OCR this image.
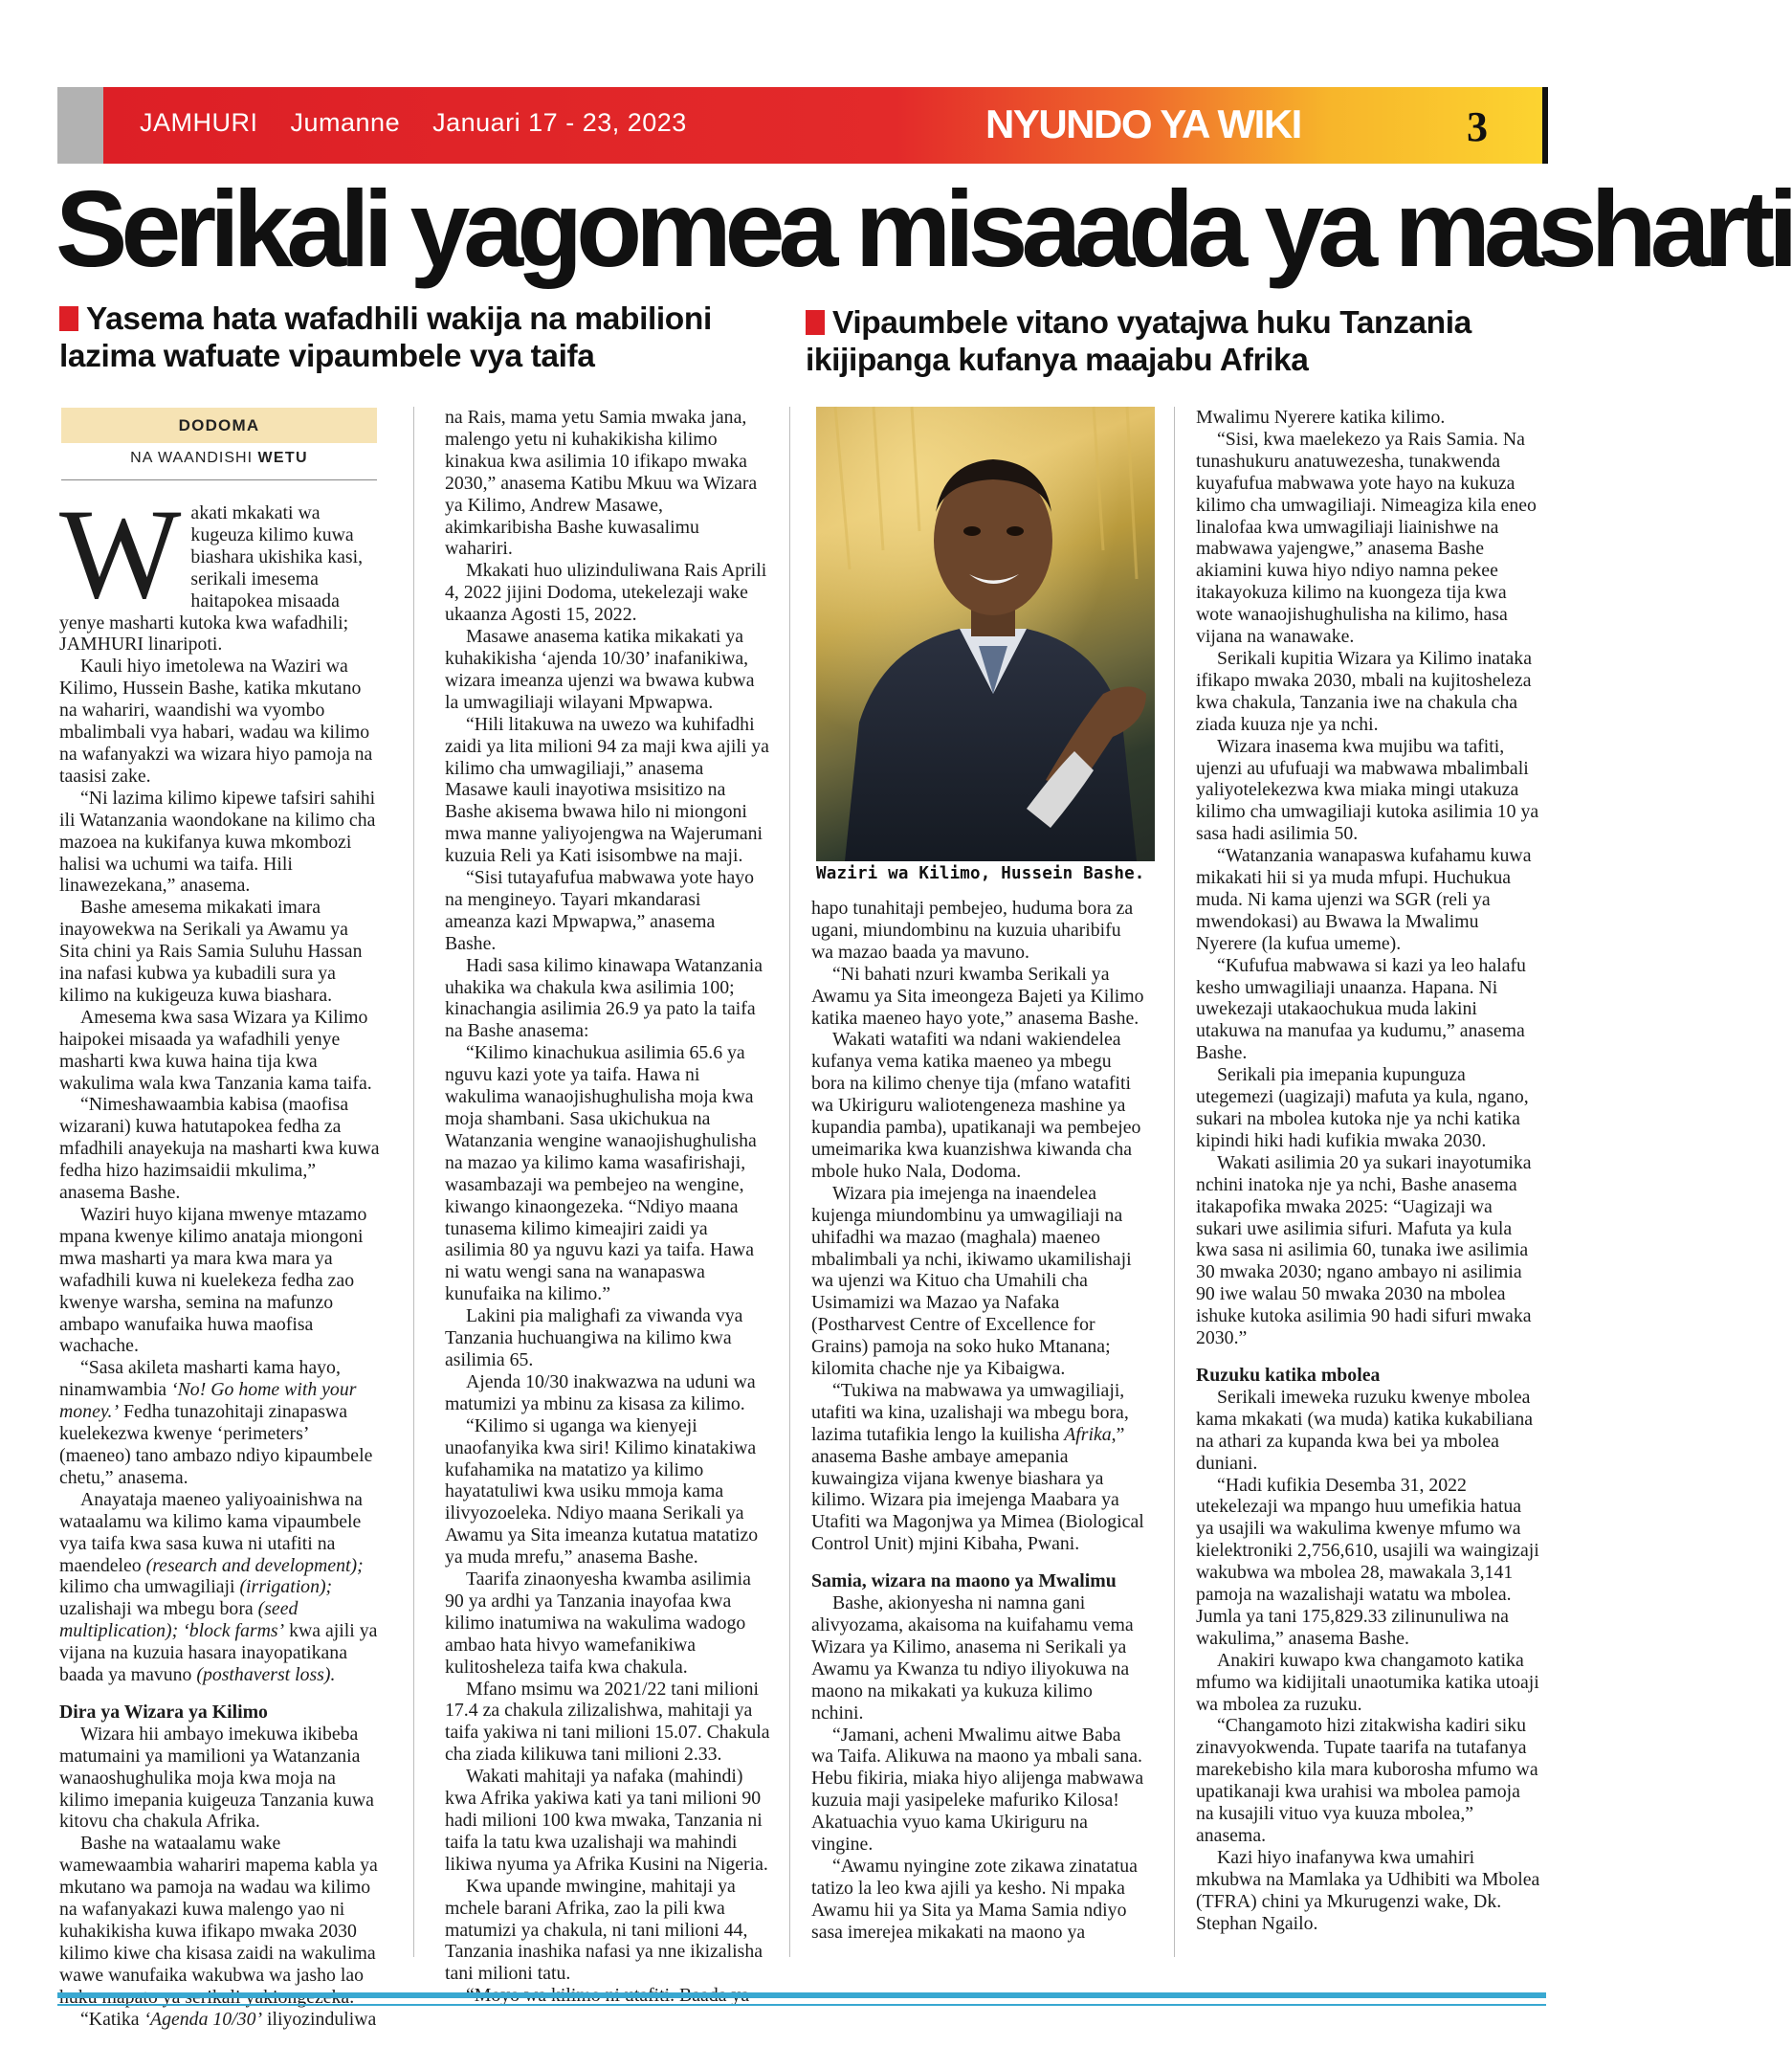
JAMHURI Jumanne Januari 17 - 23, 2023	NYUNDO YA WIKI	3
Serikali yagomea misaada ya masharti
Yasema hata wafadhili wakija na mabilioni lazima wafuate vipaumbele vya taifa
Vipaumbele vitano vyatajwa huku Tanzania ikijipanga kufanya maajabu Afrika
DODOMA
NA WAANDISHI WETU
W akati mkakati wa kugeuza kilimo kuwa biashara ukishika kasi, serikali imesema haitapokea misaada yenye masharti kutoka kwa wafadhili; JAMHURI linaripoti.

Kauli hiyo imetolewa na Waziri wa Kilimo, Hussein Bashe, katika mkutano na wahariri, waandishi wa vyombo mbalimbali vya habari, wadau wa kilimo na wafanyakzi wa wizara hiyo pamoja na taasisi zake.

“Ni lazima kilimo kipewe tafsiri sahihi ili Watanzania waondokane na kilimo cha mazoea na kukifanya kuwa mkombozi halisi wa uchumi wa taifa. Hili linawezekana,” anasema.

Bashe amesema mikakati imara inayowekwa na Serikali ya Awamu ya Sita chini ya Rais Samia Suluhu Hassan ina nafasi kubwa ya kubadili sura ya kilimo na kukigeuza kuwa biashara.

Amesema kwa sasa Wizara ya Kilimo haipokei misaada ya wafadhili yenye masharti kwa kuwa haina tija kwa wakulima wala kwa Tanzania kama taifa.

“Nimeshawaambia kabisa (maofisa wizarani) kuwa hatutapokea fedha za mfadhili anayekuja na masharti kwa kuwa fedha hizo hazimsaidii mkulima,” anasema Bashe.

Waziri huyo kijana mwenye mtazamo mpana kwenye kilimo anataja miongoni mwa masharti ya mara kwa mara ya wafadhili kuwa ni kuelekeza fedha zao kwenye warsha, semina na mafunzo ambapo wanufaika huwa maofisa wachache.

“Sasa akileta masharti kama hayo, ninamwambia ‘No! Go home with your money.’ Fedha tunazohitaji zinapaswa kuelekezwa kwenye ‘perimeters’ (maeneo) tano ambazo ndiyo kipaumbele chetu,” anasema.

Anayataja maeneo yaliyoainishwa na wataalamu wa kilimo kama vipaumbele vya taifa kwa sasa kuwa ni utafiti na maendeleo (research and development); kilimo cha umwagiliaji (irrigation); uzalishaji wa mbegu bora (seed multiplication); ‘block farms’ kwa ajili ya vijana na kuzuia hasara inayopatikana baada ya mavuno (posthaverst loss).

Dira ya Wizara ya Kilimo

Wizara hii ambayo imekuwa ikibeba matumaini ya mamilioni ya Watanzania wanaoshughulika moja kwa moja na kilimo imepania kuigeuza Tanzania kuwa kitovu cha chakula Afrika.

Bashe na wataalamu wake wamewaambia wahariri mapema kabla ya mkutano wa pamoja na wadau wa kilimo na wafanyakazi kuwa malengo yao ni kuhakikisha kuwa ifikapo mwaka 2030 kilimo kiwe cha kisasa zaidi na wakulima wawe wanufaika wakubwa wa jasho lao

“Katika ‘Agenda 10/30’ iliyozinduliwa

na Rais, mama yetu Samia mwaka jana, malengo yetu ni kuhakikisha kilimo kinakua kwa asilimia 10 ifikapo mwaka 2030,” anasema Katibu Mkuu wa Wizara ya Kilimo, Andrew Masawe, akimkaribisha Bashe kuwasalimu wahariri.

Mkakati huo ulizinduliwana Rais Aprili 4, 2022 jijini Dodoma, utekelezaji wake ukaanza Agosti 15, 2022.

Masawe anasema katika mikakati ya kuhakikisha ‘ajenda 10/30’ inafanikiwa, wizara imeanza ujenzi wa bwawa kubwa la umwagiliaji wilayani Mpwapwa.

“Hili litakuwa na uwezo wa kuhifadhi zaidi ya lita milioni 94 za maji kwa ajili ya kilimo cha umwagiliaji,” anasema Masawe kauli inayotiwa msisitizo na Bashe akisema bwawa hilo ni miongoni mwa manne yaliyojengwa na Wajerumani kuzuia Reli ya Kati isisombwe na maji.

“Sisi tutayafufua mabwawa yote hayo na mengineyo. Tayari mkandarasi ameanza kazi Mpwapwa,” anasema Bashe.

Hadi sasa kilimo kinawapa Watanzania uhakika wa chakula kwa asilimia 100; kinachangia asilimia 26.9 ya pato la taifa na Bashe anasema:

“Kilimo kinachukua asilimia 65.6 ya nguvu kazi yote ya taifa. Hawa ni wakulima wanaojishughulisha moja kwa moja shambani. Sasa ukichukua na Watanzania wengine wanaojishughulisha na mazao ya kilimo kama wasafirishaji, wasambazaji wa pembejeo na wengine, kiwango kinaongezeka. “Ndiyo maana tunasema kilimo kimeajiri zaidi ya asilimia 80 ya nguvu kazi ya taifa. Hawa ni watu wengi sana na wanapaswa kunufaika na kilimo.”

Lakini pia malighafi za viwanda vya Tanzania huchuangiwa na kilimo kwa asilimia 65.

Ajenda 10/30 inakwazwa na uduni wa matumizi ya mbinu za kisasa za kilimo.

“Kilimo si uganga wa kienyeji unaofanyika kwa siri! Kilimo kinatakiwa kufahamika na matatizo ya kilimo hayatatuliwi kwa usiku mmoja kama ilivyozoeleka. Ndiyo maana Serikali ya Awamu ya Sita imeanza kutatua matatizo ya muda mrefu,” anasema Bashe.

Taarifa zinaonyesha kwamba asilimia 90 ya ardhi ya Tanzania inayofaa kwa kilimo inatumiwa na wakulima wadogo ambao hata hivyo wamefanikiwa kulitosheleza taifa kwa chakula.

Mfano msimu wa 2021/22 tani milioni 17.4 za chakula zilizalishwa, mahitaji ya taifa yakiwa ni tani milioni 15.07. Chakula cha ziada kilikuwa tani milioni 2.33.

Wakati mahitaji ya nafaka (mahindi) kwa Afrika yakiwa kati ya tani milioni 90 hadi milioni 100 kwa mwaka, Tanzania ni taifa la tatu kwa uzalishaji wa mahindi likiwa nyuma ya Afrika Kusini na Nigeria.

Kwa upande mwingine, mahitaji ya mchele barani Afrika, zao la pili kwa matumizi ya chakula, ni tani milioni 44, Tanzania inashika nafasi ya nne ikizalisha tani milioni tatu.

Waziri wa Kilimo, Hussein Bashe.

hapo tunahitaji pembejeo, huduma bora za ugani, miundombinu na kuzuia uharibifu wa mazao baada ya mavuno.

“Ni bahati nzuri kwamba Serikali ya Awamu ya Sita imeongeza Bajeti ya Kilimo katika maeneo hayo yote,” anasema Bashe.

Wakati watafiti wa ndani wakiendelea kufanya vema katika maeneo ya mbegu bora na kilimo chenye tija (mfano watafiti wa Ukiriguru waliotengeneza mashine ya kupandia pamba), upatikanaji wa pembejeo umeimarika kwa kuanzishwa kiwanda cha mbole huko Nala, Dodoma.

Wizara pia imejenga na inaendelea kujenga miundombinu ya umwagiliaji na uhifadhi wa mazao (maghala) maeneo mbalimbali ya nchi, ikiwamo ukamilishaji wa ujenzi wa Kituo cha Umahili cha Usimamizi wa Mazao ya Nafaka (Postharvest Centre of Excellence for Grains) pamoja na soko huko Mtanana; kilomita chache nje ya Kibaigwa.

“Tukiwa na mabwawa ya umwagiliaji, utafiti wa kina, uzalishaji wa mbegu bora, lazima tutafikia lengo la kuilisha Afrika,” anasema Bashe ambaye amepania kuwaingiza vijana kwenye biashara ya kilimo. Wizara pia imejenga Maabara ya Utafiti wa Magonjwa ya Mimea (Biological Control Unit) mjini Kibaha, Pwani.

Samia, wizara na maono ya Mwalimu

Bashe, akionyesha ni namna gani alivyozama, akaisoma na kuifahamu vema Wizara ya Kilimo, anasema ni Serikali ya Awamu ya Kwanza tu ndiyo iliyokuwa na maono na mikakati ya kukuza kilimo nchini.

“Jamani, acheni Mwalimu aitwe Baba wa Taifa. Alikuwa na maono ya mbali sana. Hebu fikiria, miaka hiyo alijenga mabwawa kuzuia maji yasipeleke mafuriko Kilosa! Akatuachia vyuo kama Ukiriguru na vingine.

“Awamu nyingine zote zikawa zinatatua tatizo la leo kwa ajili ya kesho. Ni mpaka Awamu hii ya Sita ya Mama Samia ndiyo sasa imerejea mikakati na maono ya

Mwalimu Nyerere katika kilimo.

“Sisi, kwa maelekezo ya Rais Samia. Na tunashukuru anatuwezesha, tunakwenda kuyafufua mabwawa yote hayo na kukuza kilimo cha umwagiliaji. Nimeagiza kila eneo linalofaa kwa umwagiliaji liainishwe na mabwawa yajengwe,” anasema Bashe akiamini kuwa hiyo ndiyo namna pekee itakayokuza kilimo na kuongeza tija kwa wote wanaojishughulisha na kilimo, hasa vijana na wanawake.

Serikali kupitia Wizara ya Kilimo inataka ifikapo mwaka 2030, mbali na kujitosheleza kwa chakula, Tanzania iwe na chakula cha ziada kuuza nje ya nchi.

Wizara inasema kwa mujibu wa tafiti, ujenzi au ufufuaji wa mabwawa mbalimbali yaliyotelekezwa kwa miaka mingi utakuza kilimo cha umwagiliaji kutoka asilimia 10 ya sasa hadi asilimia 50.

“Watanzania wanapaswa kufahamu kuwa mikakati hii si ya muda mfupi. Huchukua muda. Ni kama ujenzi wa SGR (reli ya mwendokasi) au Bwawa la Mwalimu Nyerere (la kufua umeme).

“Kufufua mabwawa si kazi ya leo halafu kesho umwagiliaji unaanza. Hapana. Ni uwekezaji utakaochukua muda lakini utakuwa na manufaa ya kudumu,” anasema Bashe.

Serikali pia imepania kupunguza utegemezi (uagizaji) mafuta ya kula, ngano, sukari na mbolea kutoka nje ya nchi katika kipindi hiki hadi kufikia mwaka 2030.

Wakati asilimia 20 ya sukari inayotumika nchini inatoka nje ya nchi, Bashe anasema itakapofika mwaka 2025: “Uagizaji wa sukari uwe asilimia sifuri. Mafuta ya kula kwa sasa ni asilimia 60, tunaka iwe asilimia 30 mwaka 2030; ngano ambayo ni asilimia 90 iwe walau 50 mwaka 2030 na mbolea ishuke kutoka asilimia 90 hadi sifuri mwaka 2030.”

Ruzuku katika mbolea

Serikali imeweka ruzuku kwenye mbolea kama mkakati (wa muda) katika kukabiliana na athari za kupanda kwa bei ya mbolea duniani.

“Hadi kufikia Desemba 31, 2022 utekelezaji wa mpango huu umefikia hatua ya usajili wa wakulima kwenye mfumo wa kielektroniki 2,756,610, usajili wa waingizaji wakubwa wa mbolea 28, mawakala 3,141 pamoja na wazalishaji watatu wa mbolea. Jumla ya tani 175,829.33 zilinunuliwa na wakulima,” anasema Bashe.

Anakiri kuwapo kwa changamoto katika mfumo wa kidijitali unaotumika katika utoaji wa mbolea za ruzuku.

“Changamoto hizi zitakwisha kadiri siku zinavyokwenda. Tupate taarifa na tutafanya marekebisho kila mara kuborosha mfumo wa upatikanaji kwa urahisi wa mbolea pamoja na kusajili vituo vya kuuza mbolea,” anasema.

Kazi hiyo inafanywa kwa umahiri mkubwa na Mamlaka ya Udhibiti wa Mbolea (TFRA) chini ya Mkurugenzi wake, Dk. Stephan Ngailo.
